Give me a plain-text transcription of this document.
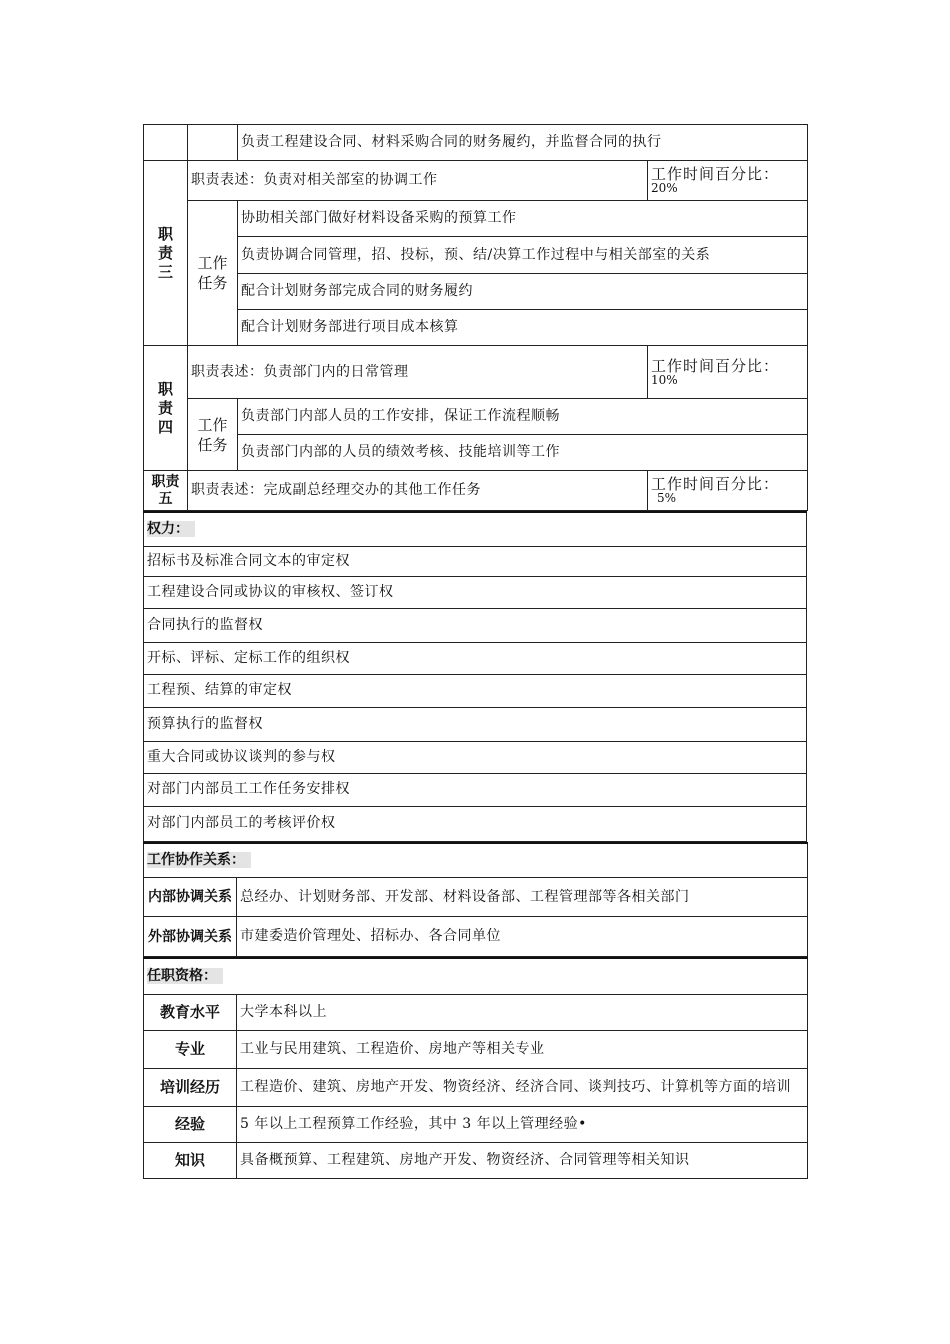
		负责工程建设合同、材料采购合同的财务履约，并监督合同的执行	
职责三	职责表述：负责对相关部室的协调工作		工作时间百分比：
20%

	工作任务	协助相关部门做好材料设备采购的预算工作	
		负责协调合同管理，招、投标，预、结/决算工作过程中与相关部室的关系	
		配合计划财务部完成合同的财务履约	
		配合计划财务部进行项目成本核算	
职责四	职责表述：负责部门内的日常管理		工作时间百分比：
10%

	工作任务	负责部门内部人员的工作安排，保证工作流程顺畅	
		负责部门内部的人员的绩效考核、技能培训等工作	
职责五	职责表述：完成副总经理交办的其他工作任务		工作时间百分比：
5%
权力：
招标书及标准合同文本的审定权
工程建设合同或协议的审核权、签订权
合同执行的监督权
开标、评标、定标工作的组织权
工程预、结算的审定权
预算执行的监督权
重大合同或协议谈判的参与权
对部门内部员工工作任务安排权
对部门内部员工的考核评价权
工作协作关系：	
内部协调关系	总经办、计划财务部、开发部、材料设备部、工程管理部等各相关部门
外部协调关系	市建委造价管理处、招标办、各合同单位
任职资格：	
教育水平	大学本科以上
专业	工业与民用建筑、工程造价、房地产等相关专业
培训经历	工程造价、建筑、房地产开发、物资经济、经济合同、谈判技巧、计算机等方面的培训
经验	5 年以上工程预算工作经验，其中 3 年以上管理经验•
知识	具备概预算、工程建筑、房地产开发、物资经济、合同管理等相关知识
